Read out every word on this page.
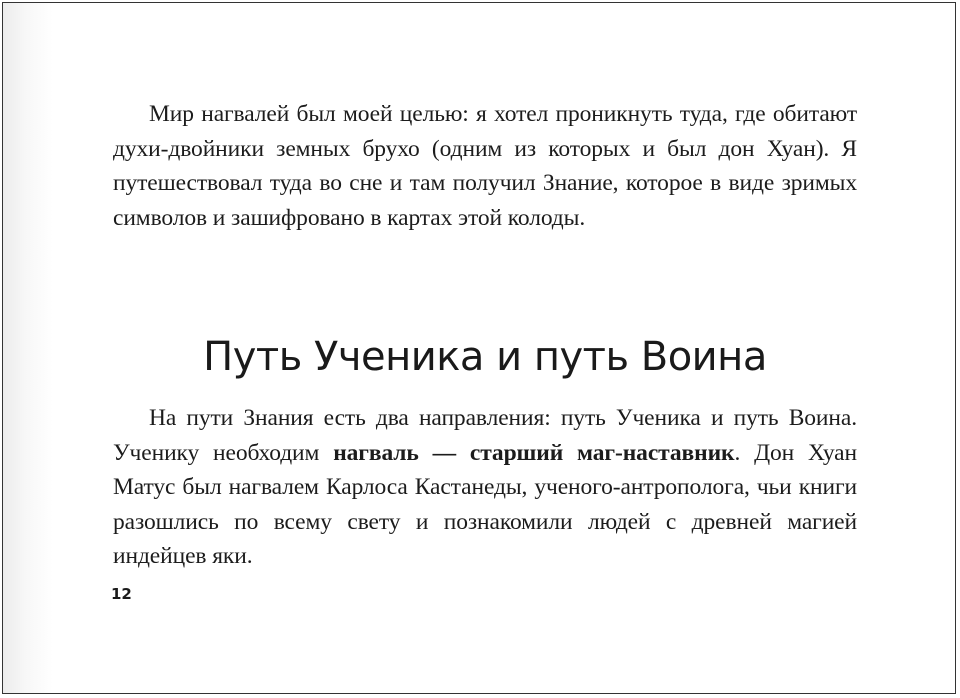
Мир нагвалей был моей целью: я хотел проникнуть туда, где обитают духи-двойники земных брухо (одним из которых и был дон Хуан). Я путешествовал туда во сне и там получил Знание, которое в виде зримых символов и зашифровано в картах этой колоды.

Путь Ученика и путь Воина

На пути Знания есть два направления: путь Ученика и путь Воина. Ученику необходим нагваль — старший маг-наставник. Дон Хуан Матус был нагвалем Карлоса Кастанеды, ученого-антрополога, чьи книги разошлись по всему свету и познакомили людей с древней магией индейцев яки.

12
